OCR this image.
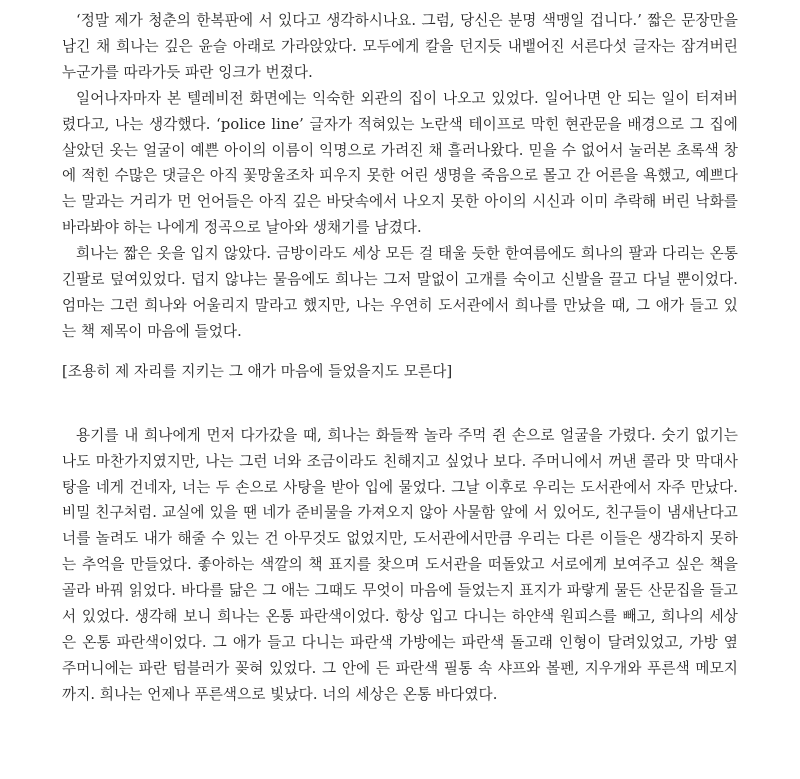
‘정말 제가 청춘의 한복판에 서 있다고 생각하시나요. 그럼, 당신은 분명 색맹일 겁니다.’ 짧은 문장만을 남긴 채 희나는 깊은 윤슬 아래로 가라앉았다. 모두에게 칼을 던지듯 내뱉어진 서른다섯 글자는 잠겨버린 누군가를 따라가듯 파란 잉크가 번졌다.

일어나자마자 본 텔레비전 화면에는 익숙한 외관의 집이 나오고 있었다. 일어나면 안 되는 일이 터져버렸다고, 나는 생각했다. ‘police line’ 글자가 적혀있는 노란색 테이프로 막힌 현관문을 배경으로 그 집에 살았던 옷는 얼굴이 예쁜 아이의 이름이 익명으로 가려진 채 흘러나왔다. 믿을 수 없어서 눌러본 초록색 창에 적힌 수많은 댓글은 아직 꽃망울조차 피우지 못한 어린 생명을 죽음으로 몰고 간 어른을 욕했고, 예쁘다는 말과는 거리가 먼 언어들은 아직 깊은 바닷속에서 나오지 못한 아이의 시신과 이미 추락해 버린 낙화를 바라봐야 하는 나에게 정곡으로 날아와 생채기를 남겼다.

희나는 짧은 옷을 입지 않았다. 금방이라도 세상 모든 걸 태울 듯한 한여름에도 희나의 팔과 다리는 온통 긴팔로 덮여있었다. 덥지 않냐는 물음에도 희나는 그저 말없이 고개를 숙이고 신발을 끌고 다닐 뿐이었다. 엄마는 그런 희나와 어울리지 말라고 했지만, 나는 우연히 도서관에서 희나를 만났을 때, 그 애가 들고 있는 책 제목이 마음에 들었다.

[조용히 제 자리를 지키는 그 애가 마음에 들었을지도 모른다]

용기를 내 희나에게 먼저 다가갔을 때, 희나는 화들짝 놀라 주먹 쥔 손으로 얼굴을 가렸다. 숫기 없기는 나도 마찬가지였지만, 나는 그런 너와 조금이라도 친해지고 싶었나 보다. 주머니에서 꺼낸 콜라 맛 막대사탕을 네게 건네자, 너는 두 손으로 사탕을 받아 입에 물었다. 그날 이후로 우리는 도서관에서 자주 만났다. 비밀 친구처럼. 교실에 있을 땐 네가 준비물을 가져오지 않아 사물함 앞에 서 있어도, 친구들이 냄새난다고 너를 놀려도 내가 해줄 수 있는 건 아무것도 없었지만, 도서관에서만큼 우리는 다른 이들은 생각하지 못하는 추억을 만들었다. 좋아하는 색깔의 책 표지를 찾으며 도서관을 떠돌았고 서로에게 보여주고 싶은 책을 골라 바꿔 읽었다. 바다를 닮은 그 애는 그때도 무엇이 마음에 들었는지 표지가 파랗게 물든 산문집을 들고 서 있었다. 생각해 보니 희나는 온통 파란색이었다. 항상 입고 다니는 하얀색 원피스를 빼고, 희나의 세상은 온통 파란색이었다. 그 애가 들고 다니는 파란색 가방에는 파란색 돌고래 인형이 달려있었고, 가방 옆 주머니에는 파란 텀블러가 꽂혀 있었다. 그 안에 든 파란색 필통 속 샤프와 볼펜, 지우개와 푸른색 메모지까지. 희나는 언제나 푸른색으로 빛났다. 너의 세상은 온통 바다였다.
